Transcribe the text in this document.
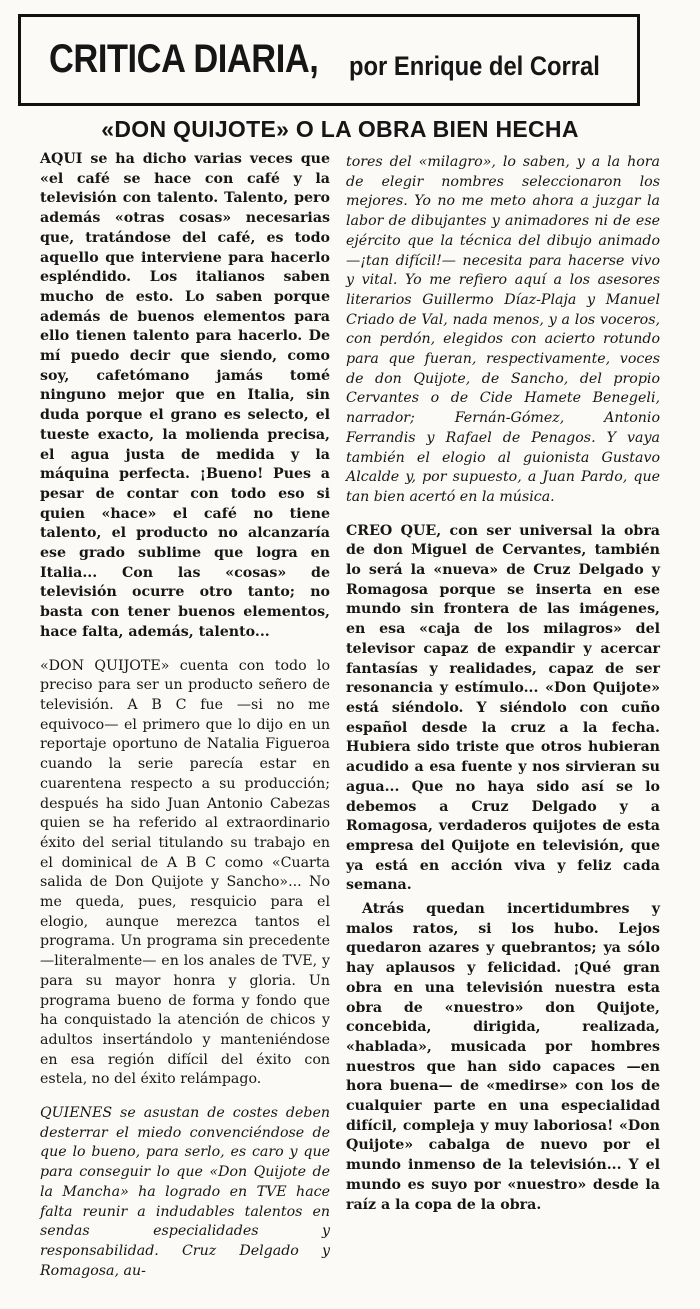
CRITICA DIARIA, por Enrique del Corral
«DON QUIJOTE» O LA OBRA BIEN HECHA

AQUI se ha dicho varias veces que «el café se hace con café y la televisión con talento. Talento, pero además «otras cosas» necesarias que, tratándose del café, es todo aquello que interviene para hacerlo espléndido. Los italianos saben mucho de esto. Lo saben porque además de buenos elementos para ello tienen talento para hacerlo. De mí puedo decir que siendo, como soy, cafetómano jamás tomé ninguno mejor que en Italia, sin duda porque el grano es selecto, el tueste exacto, la molienda precisa, el agua justa de medida y la máquina perfecta. ¡Bueno! Pues a pesar de contar con todo eso si quien «hace» el café no tiene talento, el producto no alcanzaría ese grado sublime que logra en Italia... Con las «cosas» de televisión ocurre otro tanto; no basta con tener buenos elementos, hace falta, además, talento...

«DON QUIJOTE» cuenta con todo lo preciso para ser un producto señero de televisión. A B C fue —si no me equivoco— el primero que lo dijo en un reportaje oportuno de Natalia Figueroa cuando la serie parecía estar en cuarentena respecto a su producción; después ha sido Juan Antonio Cabezas quien se ha referido al extraordinario éxito del serial titulando su trabajo en el dominical de A B C como «Cuarta salida de Don Quijote y Sancho»... No me queda, pues, resquicio para el elogio, aunque merezca tantos el programa. Un programa sin precedente —literalmente— en los anales de TVE, y para su mayor honra y gloria. Un programa bueno de forma y fondo que ha conquistado la atención de chicos y adultos insertándolo y manteniéndose en esa región difícil del éxito con estela, no del éxito relámpago.

QUIENES se asustan de costes deben desterrar el miedo convenciéndose de que lo bueno, para serlo, es caro y que para conseguir lo que «Don Quijote de la Mancha» ha logrado en TVE hace falta reunir a indudables talentos en sendas especialidades y responsabilidad. Cruz Delgado y Romagosa, au-

tores del «milagro», lo saben, y a la hora de elegir nombres seleccionaron los mejores. Yo no me meto ahora a juzgar la labor de dibujantes y animadores ni de ese ejército que la técnica del dibujo animado —¡tan difícil!— necesita para hacerse vivo y vital. Yo me refiero aquí a los asesores literarios Guillermo Díaz-Plaja y Manuel Criado de Val, nada menos, y a los voceros, con perdón, elegidos con acierto rotundo para que fueran, respectivamente, voces de don Quijote, de Sancho, del propio Cervantes o de Cide Hamete Benegeli, narrador; Fernán-Gómez, Antonio Ferrandis y Rafael de Penagos. Y vaya también el elogio al guionista Gustavo Alcalde y, por supuesto, a Juan Pardo, que tan bien acertó en la música.

CREO QUE, con ser universal la obra de don Miguel de Cervantes, también lo será la «nueva» de Cruz Delgado y Romagosa porque se inserta en ese mundo sin frontera de las imágenes, en esa «caja de los milagros» del televisor capaz de expandir y acercar fantasías y realidades, capaz de ser resonancia y estímulo... «Don Quijote» está siéndolo. Y siéndolo con cuño español desde la cruz a la fecha. Hubiera sido triste que otros hubieran acudido a esa fuente y nos sirvieran su agua... Que no haya sido así se lo debemos a Cruz Delgado y a Romagosa, verdaderos quijotes de esta empresa del Quijote en televisión, que ya está en acción viva y feliz cada semana.

Atrás quedan incertidumbres y malos ratos, si los hubo. Lejos quedaron azares y quebrantos; ya sólo hay aplausos y felicidad. ¡Qué gran obra en una televisión nuestra esta obra de «nuestro» don Quijote, concebida, dirigida, realizada, «hablada», musicada por hombres nuestros que han sido capaces —en hora buena— de «medirse» con los de cualquier parte en una especialidad difícil, compleja y muy laboriosa! «Don Quijote» cabalga de nuevo por el mundo inmenso de la televisión... Y el mundo es suyo por «nuestro» desde la raíz a la copa de la obra.
